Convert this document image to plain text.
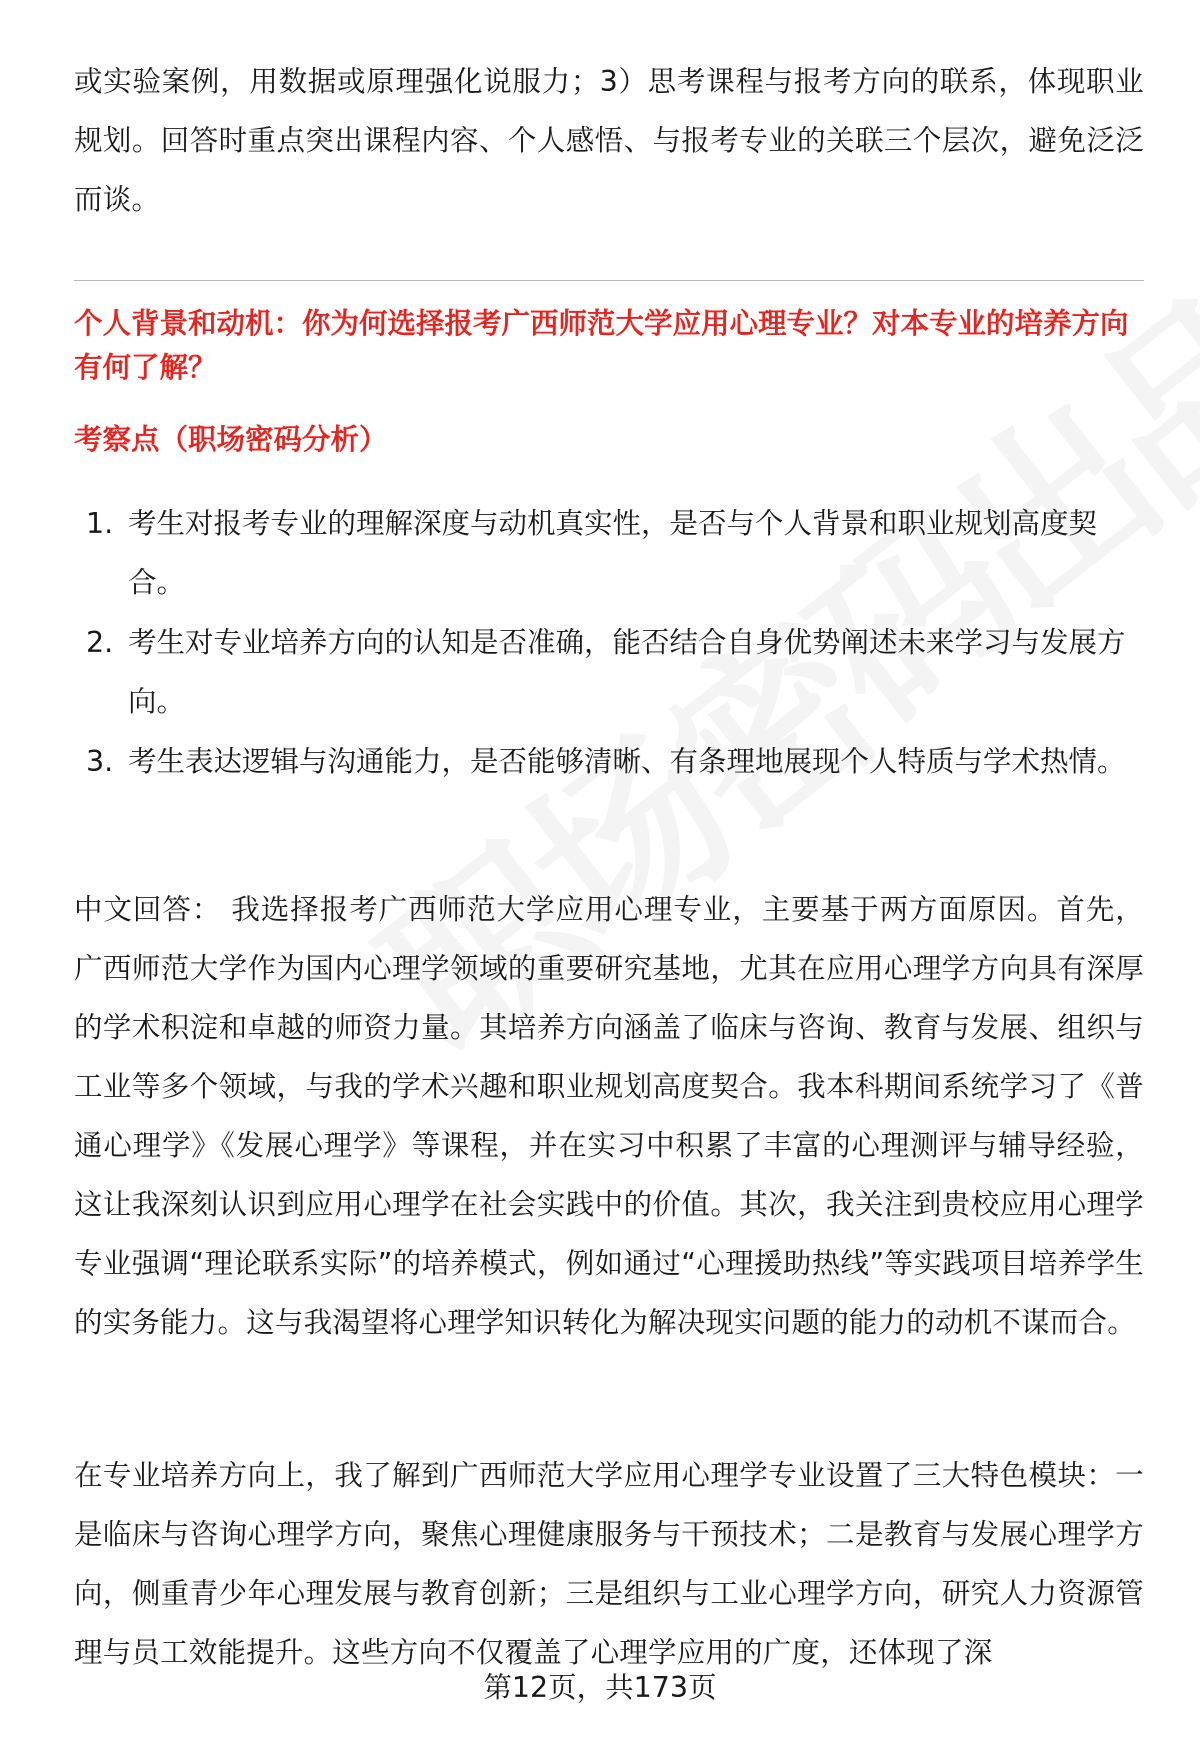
或实验案例，用数据或原理强化说服力；3）思考课程与报考方向的联系，体现职业规划。回答时重点突出课程内容、个人感悟、与报考专业的关联三个层次，避免泛泛而谈。

个人背景和动机：你为何选择报考广西师范大学应用心理专业？对本专业的培养方向有何了解？

考察点（职场密码分析）

1. 考生对报考专业的理解深度与动机真实性，是否与个人背景和职业规划高度契合。
2. 考生对专业培养方向的认知是否准确，能否结合自身优势阐述未来学习与发展方向。
3. 考生表达逻辑与沟通能力，是否能够清晰、有条理地展现个人特质与学术热情。

中文回答： 我选择报考广西师范大学应用心理专业，主要基于两方面原因。首先，广西师范大学作为国内心理学领域的重要研究基地，尤其在应用心理学方向具有深厚的学术积淀和卓越的师资力量。其培养方向涵盖了临床与咨询、教育与发展、组织与工业等多个领域，与我的学术兴趣和职业规划高度契合。我本科期间系统学习了《普通心理学》《发展心理学》等课程，并在实习中积累了丰富的心理测评与辅导经验，这让我深刻认识到应用心理学在社会实践中的价值。其次，我关注到贵校应用心理学专业强调“理论联系实际”的培养模式，例如通过“心理援助热线”等实践项目培养学生的实务能力。这与我渴望将心理学知识转化为解决现实问题的能力的动机不谋而合。

在专业培养方向上，我了解到广西师范大学应用心理学专业设置了三大特色模块：一是临床与咨询心理学方向，聚焦心理健康服务与干预技术；二是教育与发展心理学方向，侧重青少年心理发展与教育创新；三是组织与工业心理学方向，研究人力资源管理与员工效能提升。这些方向不仅覆盖了心理学应用的广度，还体现了深

第12页，共173页
